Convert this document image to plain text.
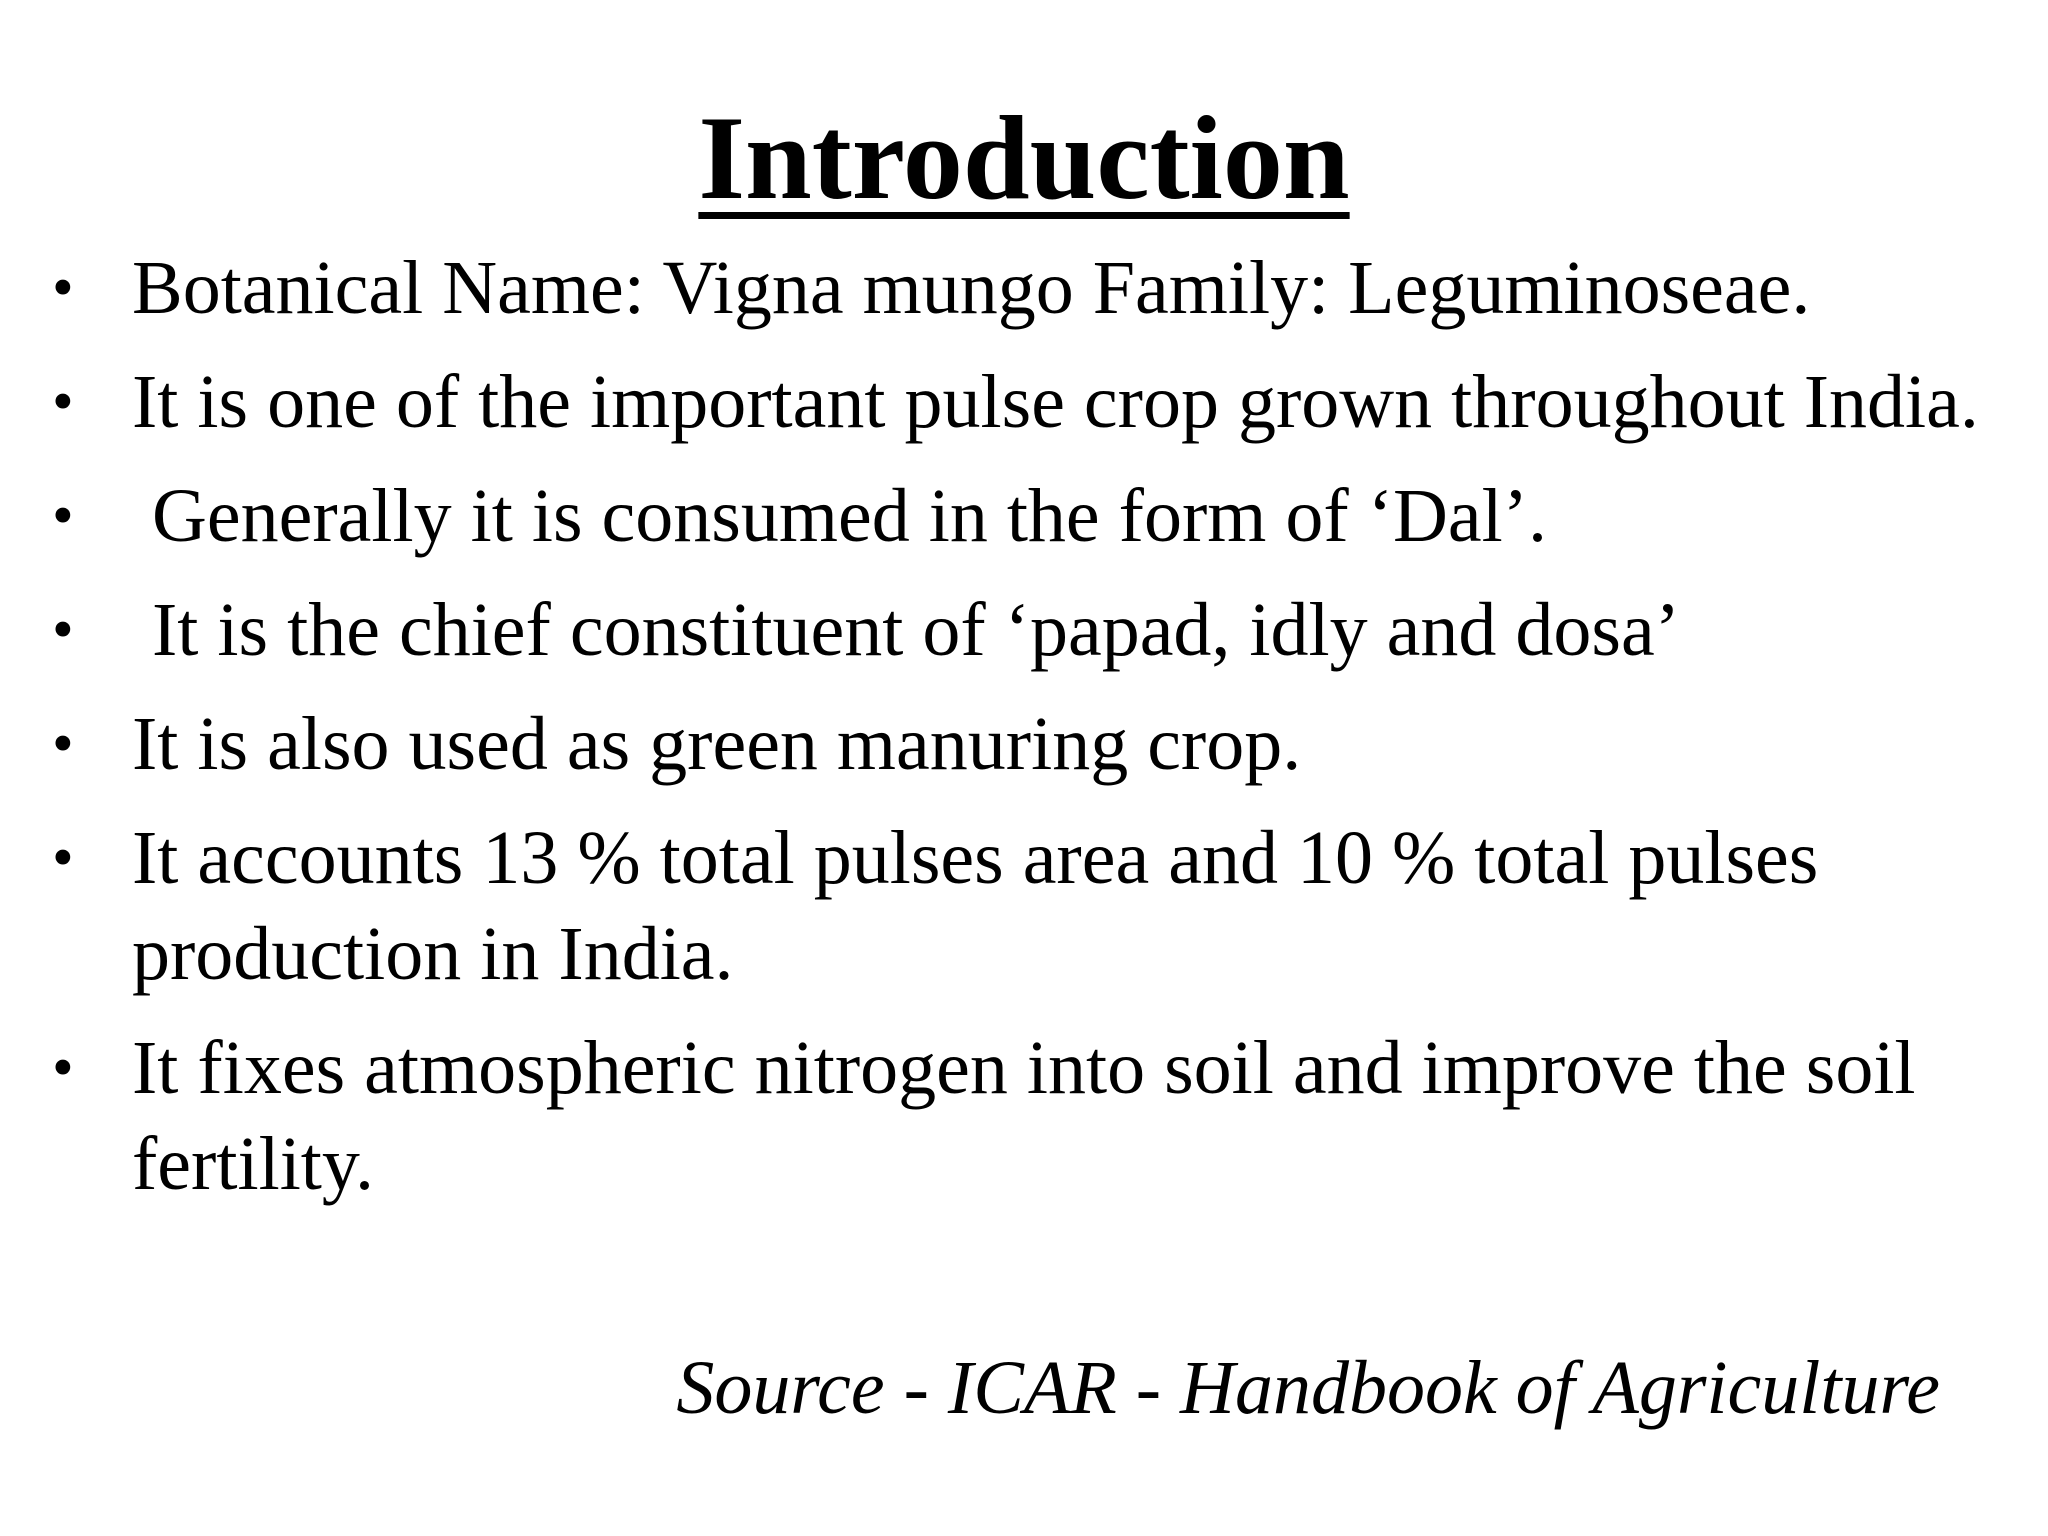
Introduction
• Botanical Name: Vigna mungo Family: Leguminoseae.
• It is one of the important pulse crop grown throughout India.
•	Generally it is consumed in the form of ‘Dal’.
•	It is the chief constituent of ‘papad, idly and dosa’
• It is also used as green manuring crop.
• It accounts 13 % total pulses area and 10 % total pulses production in India.
• It fixes atmospheric nitrogen into soil and improve the soil fertility.
Source - ICAR - Handbook of Agriculture
